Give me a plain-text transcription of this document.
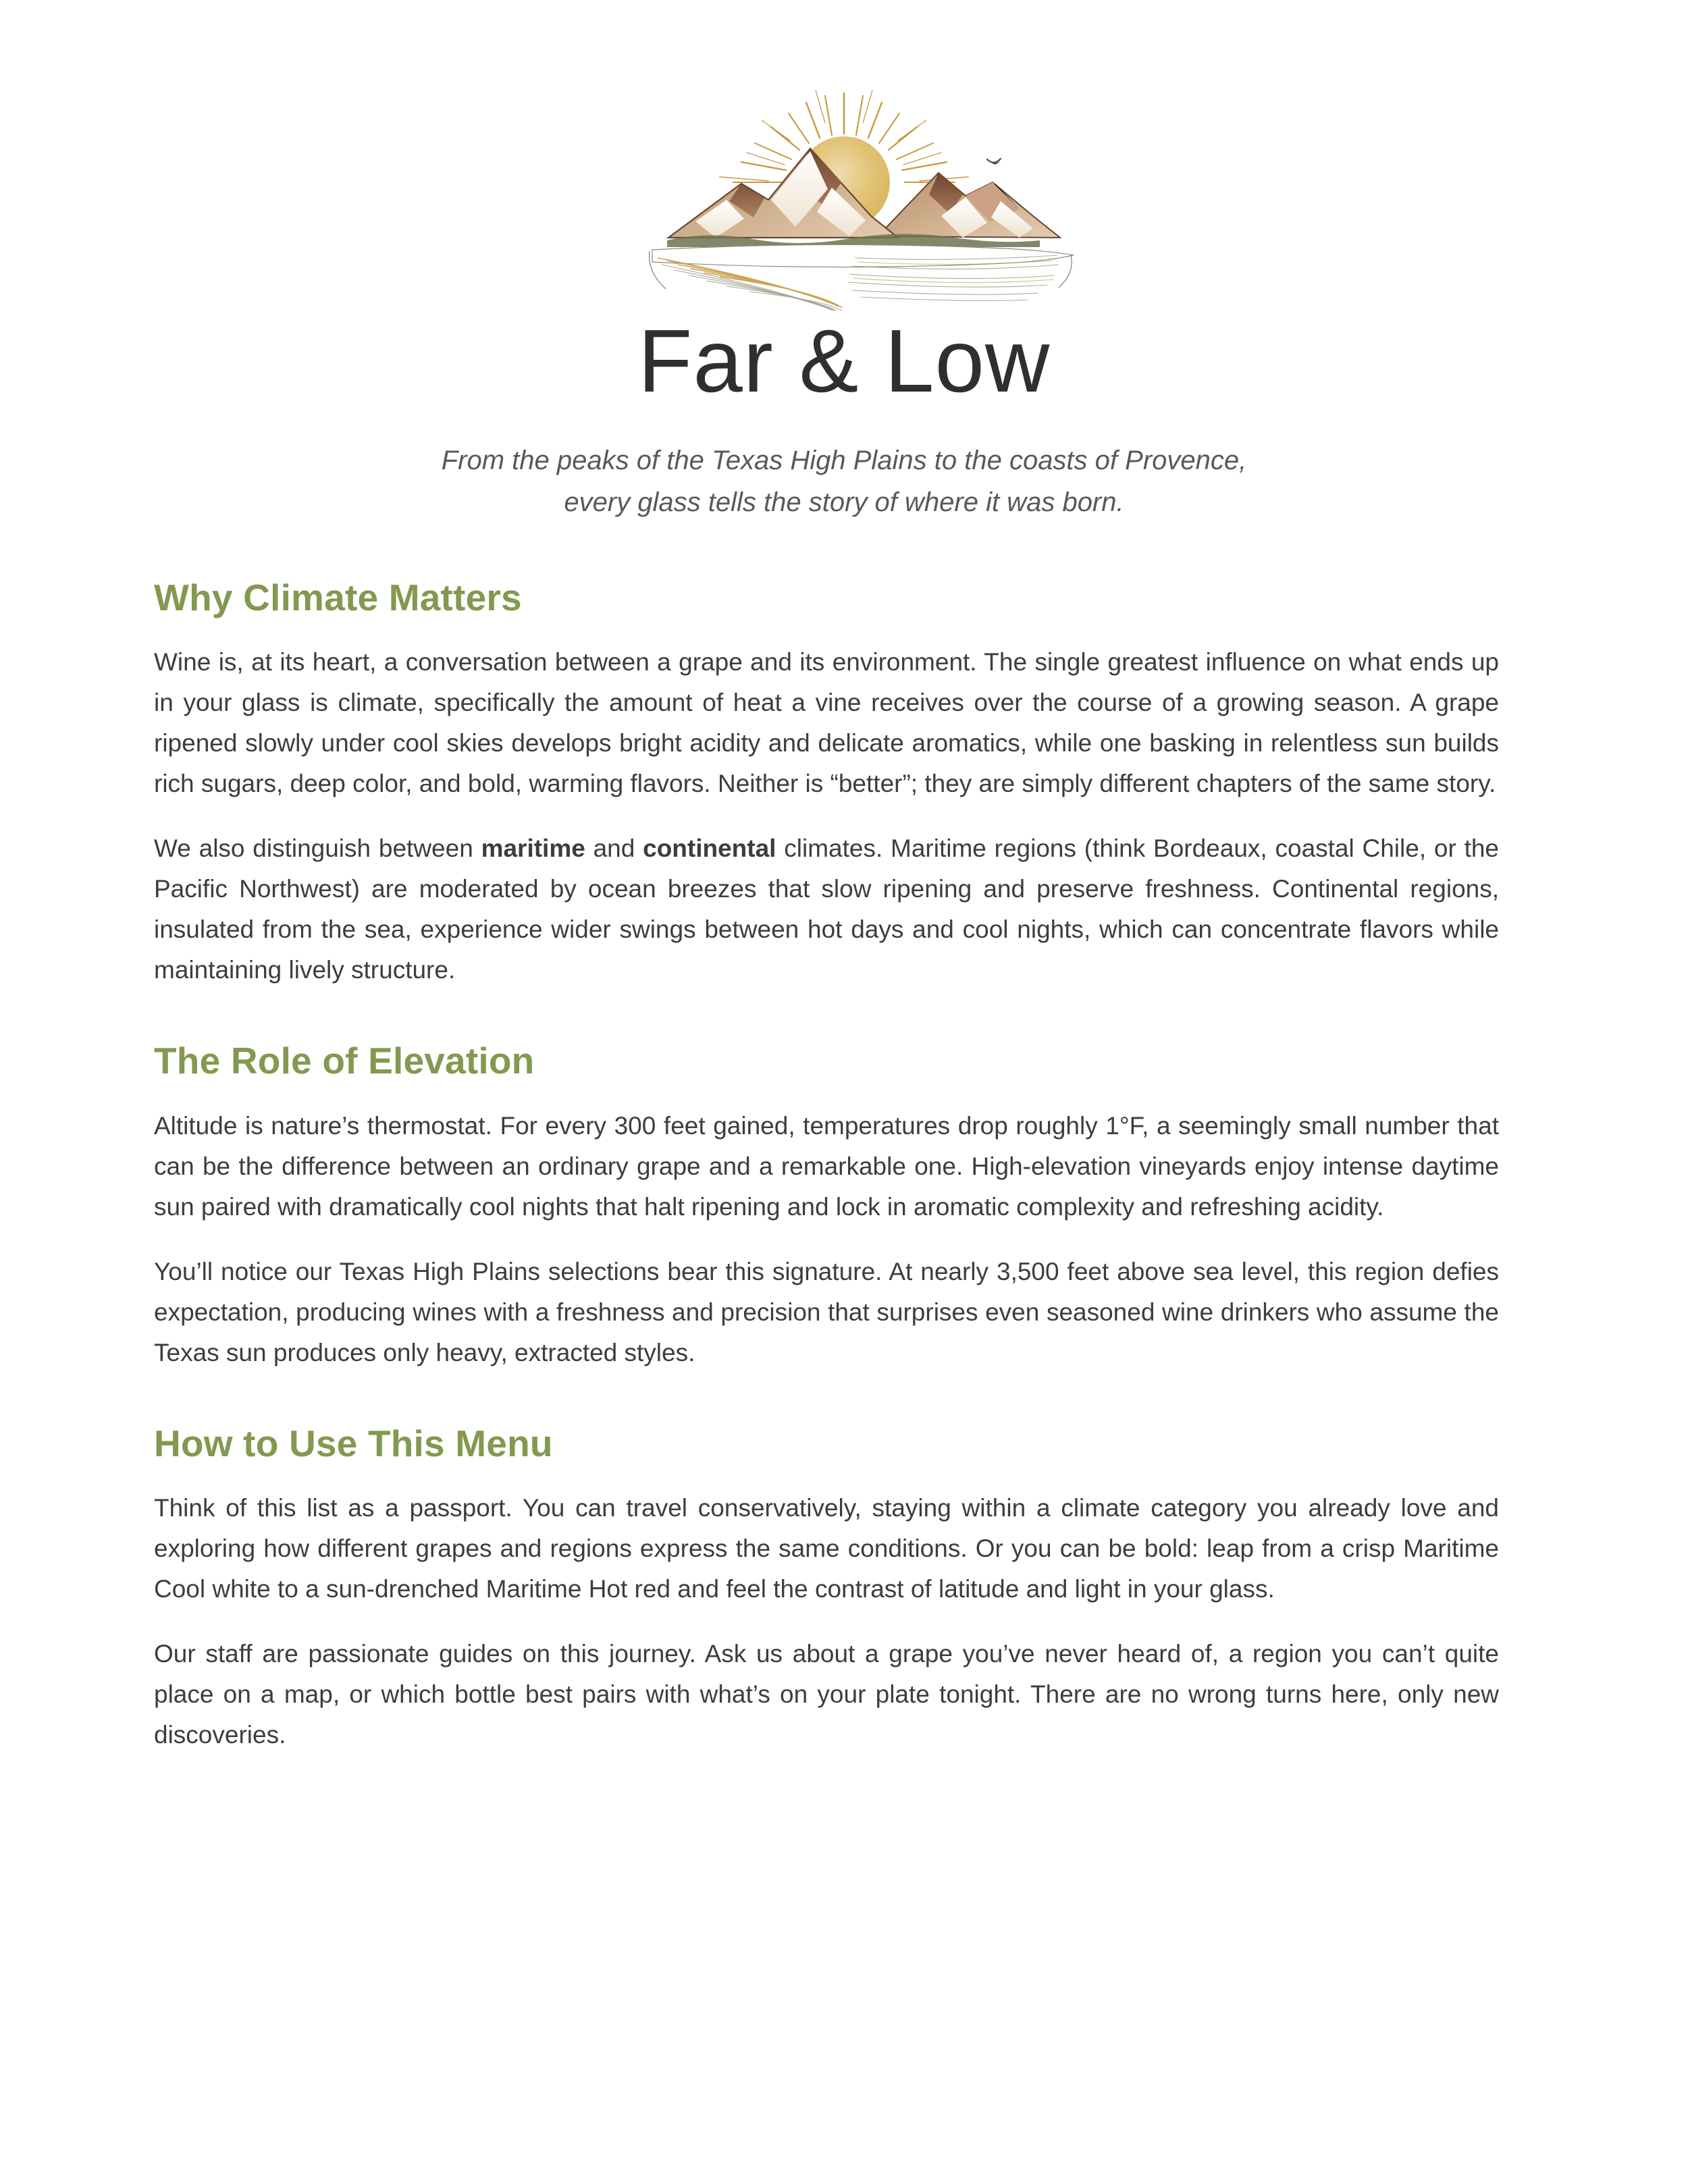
Far & Low
From the peaks of the Texas High Plains to the coasts of Provence,
every glass tells the story of where it was born.
Why Climate Matters

Wine is, at its heart, a conversation between a grape and its environment. The single greatest influence on what ends up in your glass is climate, specifically the amount of heat a vine receives over the course of a growing season. A grape ripened slowly under cool skies develops bright acidity and delicate aromatics, while one basking in relentless sun builds rich sugars, deep color, and bold, warming flavors. Neither is “better”; they are simply different chapters of the same story.

We also distinguish between maritime and continental climates. Maritime regions (think Bordeaux, coastal Chile, or the Pacific Northwest) are moderated by ocean breezes that slow ripening and preserve freshness. Continental regions, insulated from the sea, experience wider swings between hot days and cool nights, which can concentrate flavors while maintaining lively structure.

The Role of Elevation

Altitude is nature’s thermostat. For every 300 feet gained, temperatures drop roughly 1°F, a seemingly small number that can be the difference between an ordinary grape and a remarkable one. High-elevation vineyards enjoy intense daytime sun paired with dramatically cool nights that halt ripening and lock in aromatic complexity and refreshing acidity.

You’ll notice our Texas High Plains selections bear this signature. At nearly 3,500 feet above sea level, this region defies expectation, producing wines with a freshness and precision that surprises even seasoned wine drinkers who assume the Texas sun produces only heavy, extracted styles.

How to Use This Menu

Think of this list as a passport. You can travel conservatively, staying within a climate category you already love and exploring how different grapes and regions express the same conditions. Or you can be bold: leap from a crisp Maritime Cool white to a sun-drenched Maritime Hot red and feel the contrast of latitude and light in your glass.

Our staff are passionate guides on this journey. Ask us about a grape you’ve never heard of, a region you can’t quite place on a map, or which bottle best pairs with what’s on your plate tonight. There are no wrong turns here, only new discoveries.
